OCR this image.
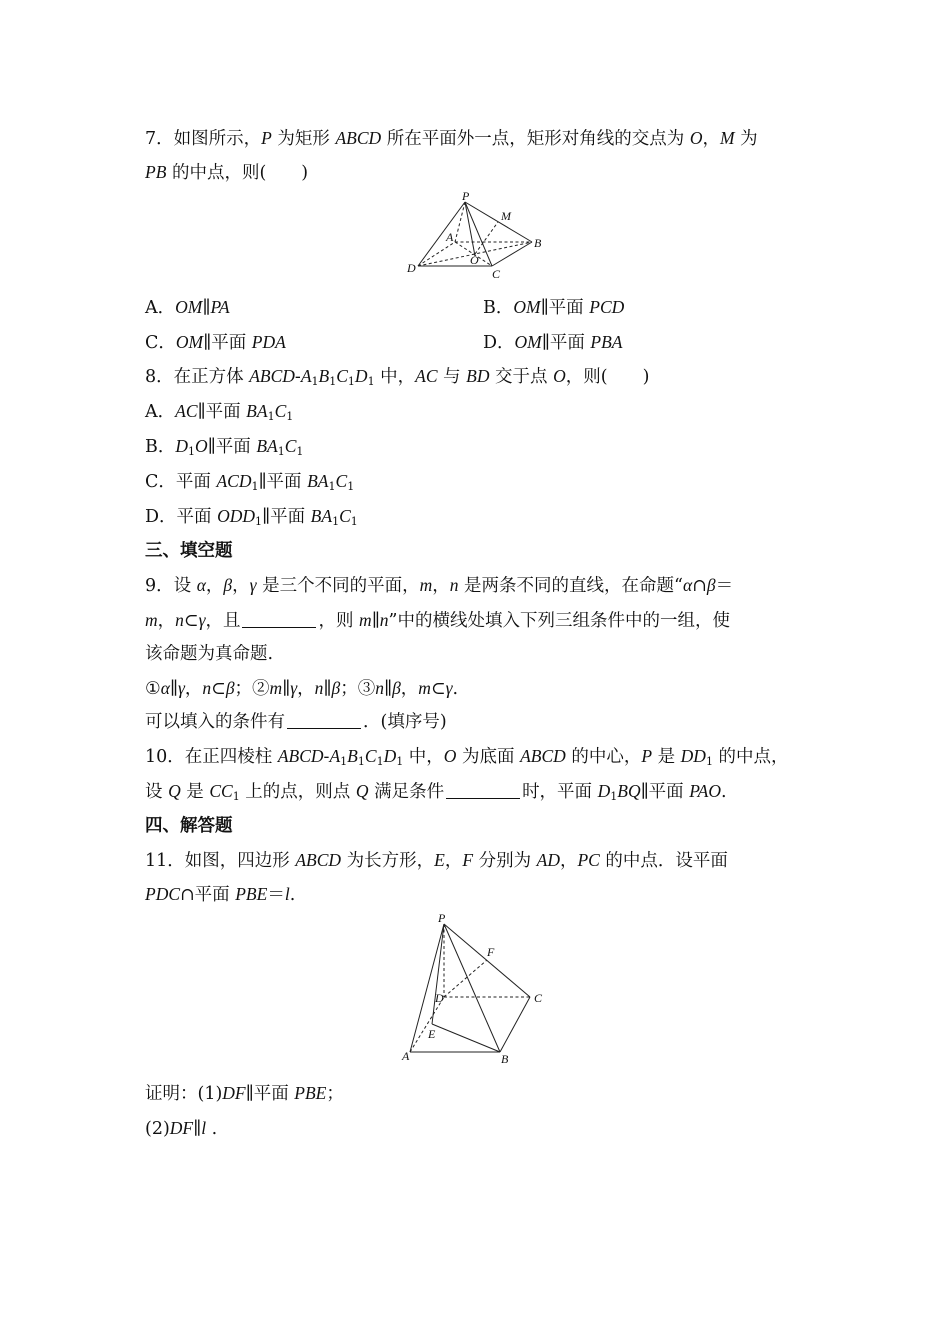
7．如图所示，P 为矩形 ABCD 所在平面外一点，矩形对角线的交点为 O，M 为
PB 的中点，则(　　)
P
M
A	B
O
C
D
A．OM∥PA	B．OM∥平面 PCD
C．OM∥平面 PDA	D．OM∥平面 PBA
8．在正方体 ABCD-$A_1B_1C_1D_1$ 中，AC 与 BD 交于点 O，则(　　)
A．AC∥平面 $BA_1C_1$
B．$D_1O\parallel$平面 $BA_1C_1$
C．平面 $ACD_1\parallel$平面 $BA_1C_1$
D．平面 $ODD_1\parallel$平面 $BA_1C_1$
三、填空题
9．设 α，β，γ 是三个不同的平面，m，n 是两条不同的直线，在命题“α∩β＝
m，n⊂γ，且	，则 m∥n”中的横线处填入下列三组条件中的一组，使
该命题为真命题.
①α∥γ，n⊂β；②m∥γ，n∥β；③n∥β，m⊂γ.
可以填入的条件有	．(填序号)
10．在正四棱柱 ABCD-$A_1B_1C_1D_1$ 中，O 为底面 ABCD 的中心，P 是 $DD_1$ 的中点，
设 Q 是 $CC_1$ 上的点，则点 Q 满足条件	时，平面 $D_1BQ\parallel$平面 PAO.
四、解答题
11．如图，四边形 ABCD 为长方形，E，F 分别为 AD，PC 的中点．设平面
PDC∩平面 PBE＝l.
P
F
D	C
E
A	B
证明：(1)DF∥平面 PBE；
(2)DF∥l .
